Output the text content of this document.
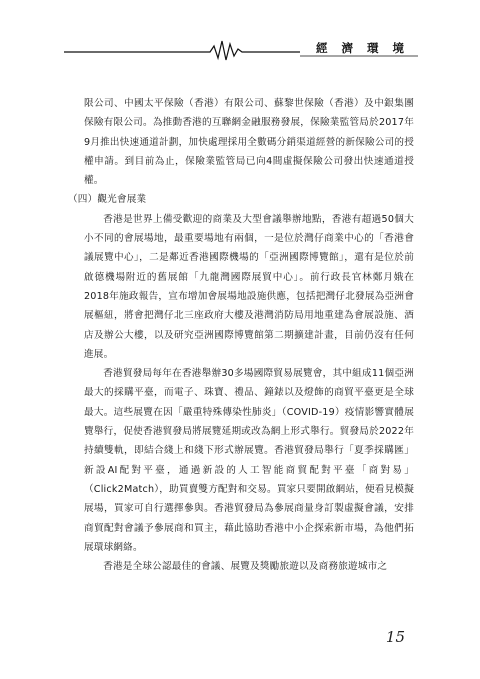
經濟環境

限公司、中國太平保險（香港）有限公司、蘇黎世保險（香港）及中銀集團保險有限公司。為推動香港的互聯網金融服務發展，保險業監管局於2017年9月推出快速通道計劃，加快處理採用全數碼分銷渠道經營的新保險公司的授權申請。到目前為止，保險業監管局已向4間虛擬保險公司發出快速通道授權。

（四）觀光會展業

香港是世界上備受歡迎的商業及大型會議舉辦地點，香港有超過50個大小不同的會展場地，最重要場地有兩個，一是位於灣仔商業中心的「香港會議展覽中心」，二是鄰近香港國際機場的「亞洲國際博覽館」，還有是位於前啟德機場附近的舊展館「九龍灣國際展貿中心」。前行政長官林鄭月娥在2018年施政報告，宣布增加會展場地設施供應，包括把灣仔北發展為亞洲會展樞紐，將會把灣仔北三座政府大樓及港灣消防局用地重建為會展設施、酒店及辦公大樓，以及研究亞洲國際博覽館第二期擴建計畫，目前仍沒有任何進展。

香港貿發局每年在香港舉辦30多場國際貿易展覽會，其中組成11個亞洲最大的採購平臺，而電子、珠寶、禮品、鐘錶以及燈飾的商貿平臺更是全球最大。這些展覽在因「嚴重特殊傳染性肺炎」（COVID-19）疫情影響實體展覽舉行，促使香港貿發局將展覽延期或改為網上形式舉行。貿發局於2022年持續雙軌，即結合綫上和綫下形式辦展覽。香港貿發局舉行「夏季採購匯」新設AI配對平臺，通過新設的人工智能商貿配對平臺「商對易」（Click2Match），助買賣雙方配對和交易。買家只要開啟網站，便看見模擬展場，買家可自行選擇參與。香港貿發局為參展商量身訂製虛擬會議，安排商貿配對會議予參展商和買主，藉此協助香港中小企探索新市場，為他們拓展環球網絡。

香港是全球公認最佳的會議、展覽及獎勵旅遊以及商務旅遊城市之

15
